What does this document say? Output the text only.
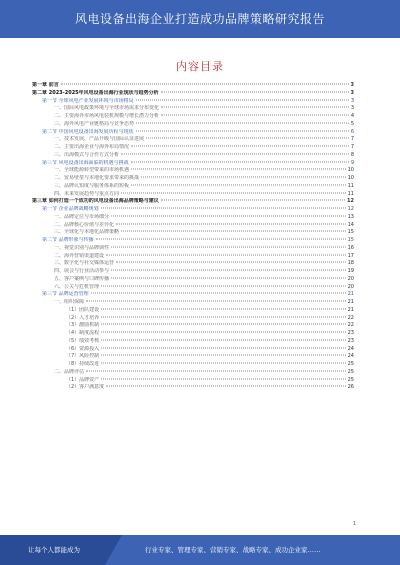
风电设备出海企业打造成功品牌策略研究报告
内容目录
第一章 前言	3
第二章 2023-2025年风电设备出海行业现状与趋势分析	3
第一节 全球风电产业发展环境与市场格局	3
一、国际风电政策环境与全球市场需求分布变化	3
二、主要海外市场风电装机规模与增长潜力分析	4
三、海外风电产业链格局与竞争态势	5
第二节 中国风电设备出海发展历程与现状	6
一、技术发展、产品升级与国际认证进展	7
二、主要出海企业与海外布局情况	7
三、出海模式与合作方式分析	8
第三节 风电设备出海面临的机遇与挑战	9
一、全球能源转型带来的市场机遇	10
二、贸易壁垒与本地化要求带来的挑战	10
三、品牌认知度与服务体系的短板	11
四、未来发展趋势与重点方向	11
第三章 如何打造一个成功的风电设备出海品牌策略与建议	12
第一节 企业品牌战略规划	12
一、品牌定位与市场细分	13
二、品牌核心价值与差异化	14
三、全球化与本地化品牌策略	15
第二节 品牌形象与传播	15
一、视觉识别与品牌调性	16
二、海外营销渠道建设	17
三、数字化与社交媒体运营	18
四、展会与行业活动参与	19
五、客户案例与口碑传播	20
六、公关与危机管理	20
第三节 品牌运营管理	21
一、组织保障	21
（1）团队建设	21
（2）人才培养	22
（3）激励机制	22
（4）制度流程	23
（5）绩效考核	23
（6）资源投入	24
（7）风险控制	24
（8）持续改进	25
二、品牌评估	25
（1）品牌资产	25
（2）客户满意度	26
1
让每个人都能成为	行业专家、管理专家、营销专家、战略专家、成功企业家……
